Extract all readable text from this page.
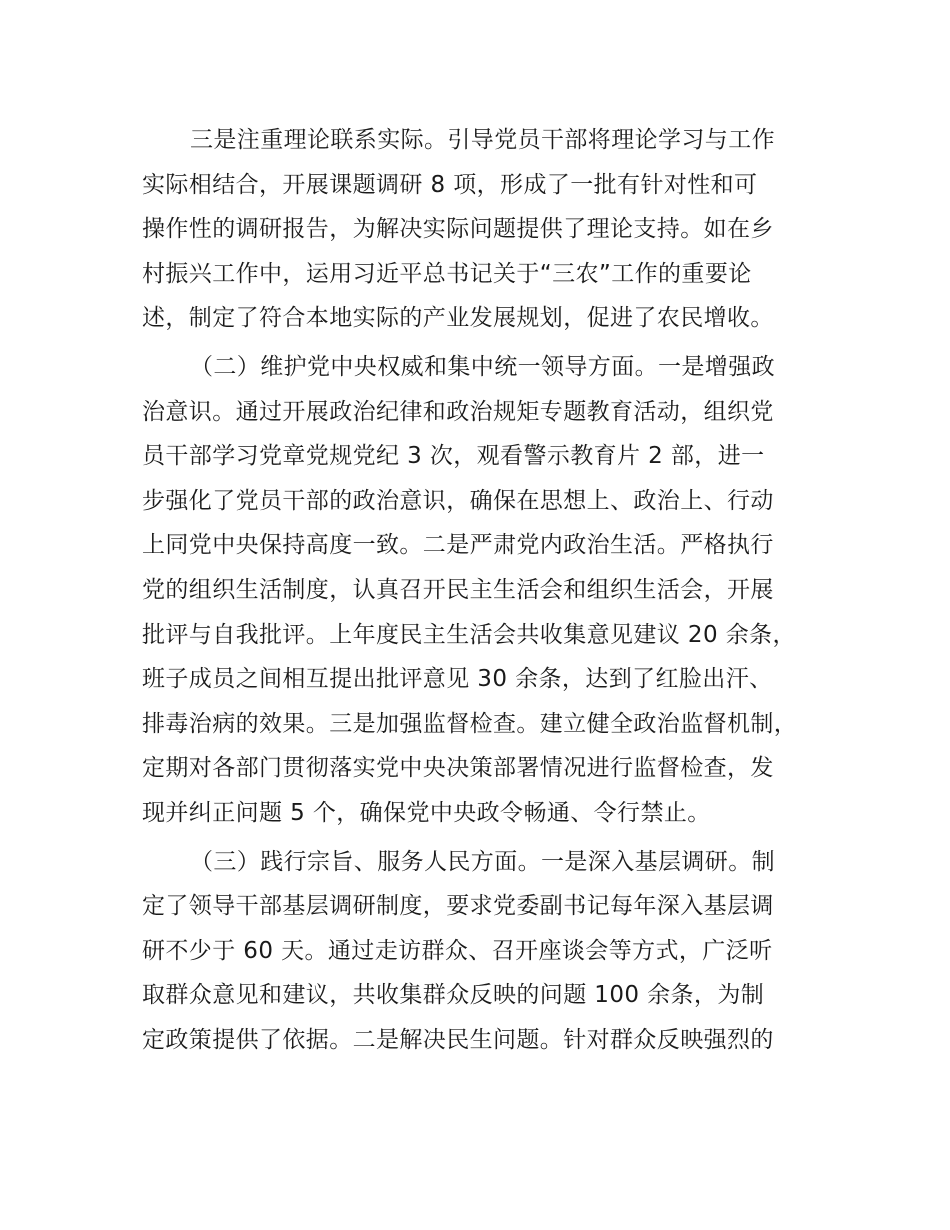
三是注重理论联系实际。引导党员干部将理论学习与工作
实际相结合，开展课题调研 8 项，形成了一批有针对性和可
操作性的调研报告，为解决实际问题提供了理论支持。如在乡
村振兴工作中，运用习近平总书记关于“三农”工作的重要论
述，制定了符合本地实际的产业发展规划，促进了农民增收。
（二）维护党中央权威和集中统一领导方面。一是增强政
治意识。通过开展政治纪律和政治规矩专题教育活动，组织党
员干部学习党章党规党纪 3 次，观看警示教育片 2 部，进一
步强化了党员干部的政治意识，确保在思想上、政治上、行动
上同党中央保持高度一致。二是严肃党内政治生活。严格执行
党的组织生活制度，认真召开民主生活会和组织生活会，开展
批评与自我批评。上年度民主生活会共收集意见建议 20 余条，
班子成员之间相互提出批评意见 30 余条，达到了红脸出汗、
排毒治病的效果。三是加强监督检查。建立健全政治监督机制，
定期对各部门贯彻落实党中央决策部署情况进行监督检查，发
现并纠正问题 5 个，确保党中央政令畅通、令行禁止。
（三）践行宗旨、服务人民方面。一是深入基层调研。制
定了领导干部基层调研制度，要求党委副书记每年深入基层调
研不少于 60 天。通过走访群众、召开座谈会等方式，广泛听
取群众意见和建议，共收集群众反映的问题 100 余条，为制
定政策提供了依据。二是解决民生问题。针对群众反映强烈的
